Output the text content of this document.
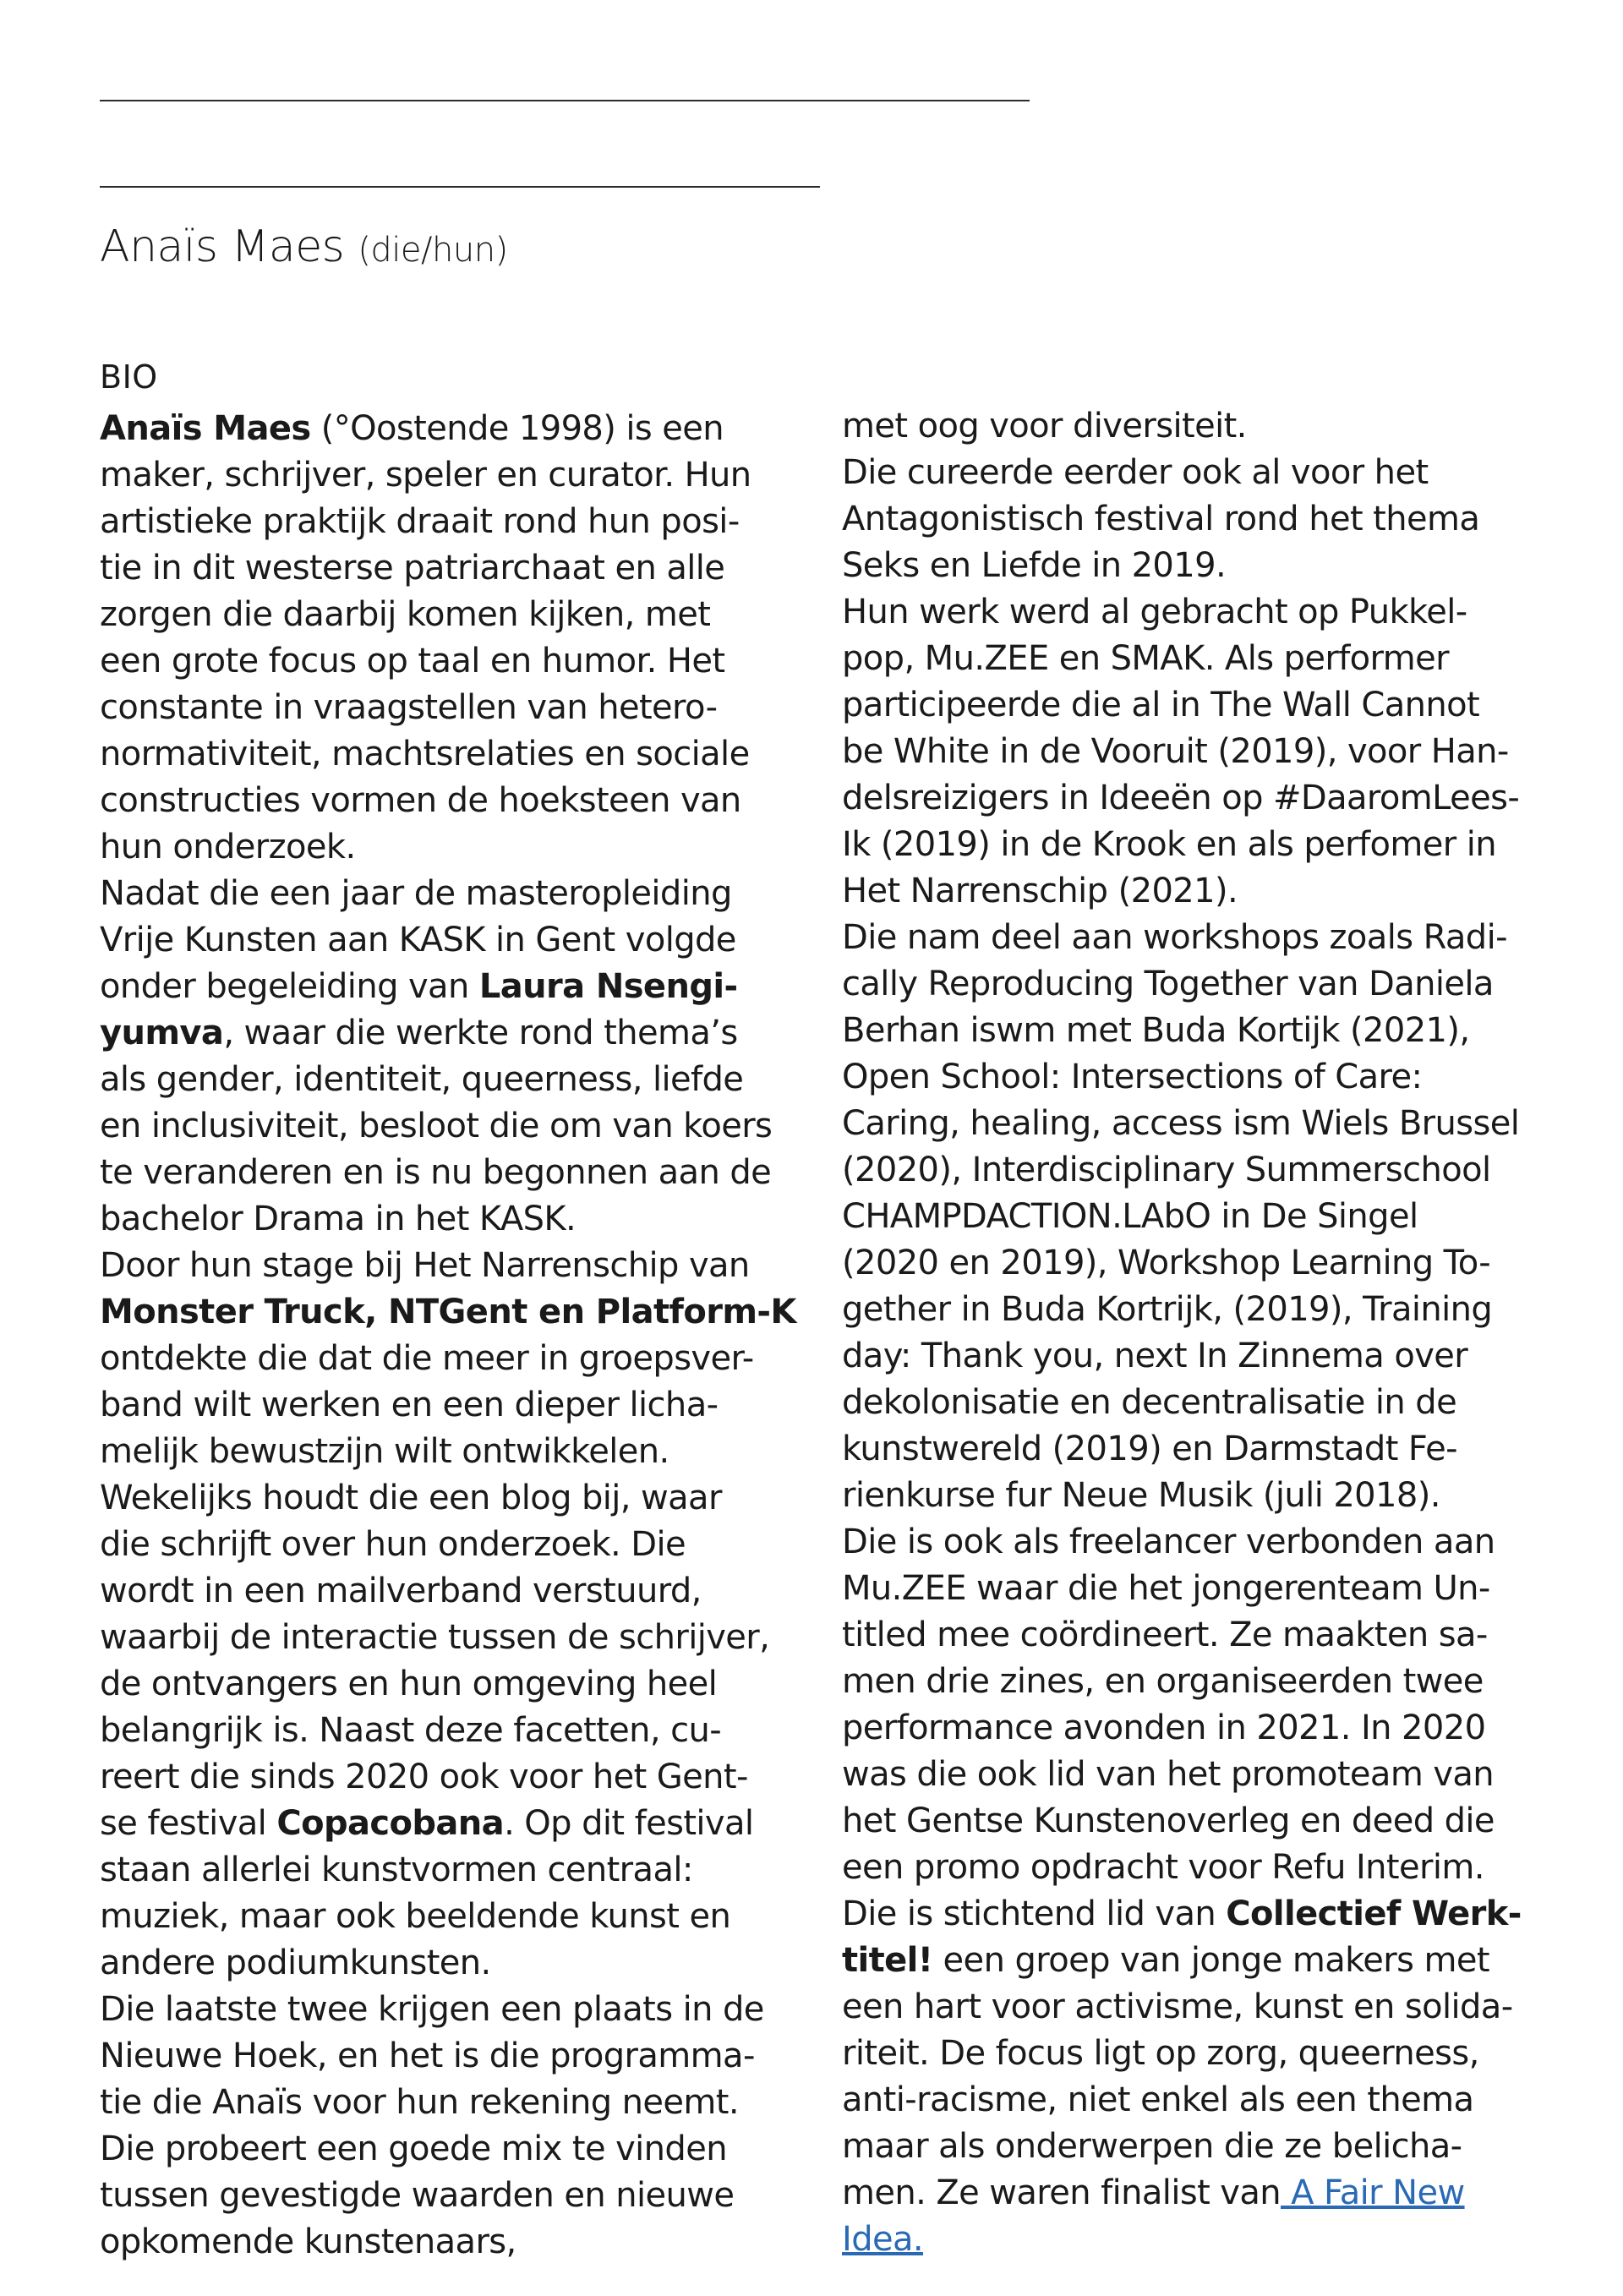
Anaïs Maes (die/hun)
BIO
Anaïs Maes (°Oostende 1998) is een
maker, schrijver, speler en curator. Hun
artistieke praktijk draait rond hun posi-
tie in dit westerse patriarchaat en alle
zorgen die daarbij komen kijken, met
een grote focus op taal en humor. Het
constante in vraagstellen van hetero-
normativiteit, machtsrelaties en sociale
constructies vormen de hoeksteen van
hun onderzoek.
Nadat die een jaar de masteropleiding
Vrije Kunsten aan KASK in Gent volgde
onder begeleiding van Laura Nsengi-
yumva, waar die werkte rond thema’s
als gender, identiteit, queerness, liefde
en inclusiviteit, besloot die om van koers
te veranderen en is nu begonnen aan de
bachelor Drama in het KASK.
Door hun stage bij Het Narrenschip van
Monster Truck, NTGent en Platform-K
ontdekte die dat die meer in groepsver-
band wilt werken en een dieper licha-
melijk bewustzijn wilt ontwikkelen.
Wekelijks houdt die een blog bij, waar
die schrijft over hun onderzoek. Die
wordt in een mailverband verstuurd,
waarbij de interactie tussen de schrijver,
de ontvangers en hun omgeving heel
belangrijk is. Naast deze facetten, cu-
reert die sinds 2020 ook voor het Gent-
se festival Copacobana. Op dit festival
staan allerlei kunstvormen centraal:
muziek, maar ook beeldende kunst en
andere podiumkunsten.
Die laatste twee krijgen een plaats in de
Nieuwe Hoek, en het is die programma-
tie die Anaïs voor hun rekening neemt.
Die probeert een goede mix te vinden
tussen gevestigde waarden en nieuwe
opkomende kunstenaars,
met oog voor diversiteit.
Die cureerde eerder ook al voor het
Antagonistisch festival rond het thema
Seks en Liefde in 2019.
Hun werk werd al gebracht op Pukkel-
pop, Mu.ZEE en SMAK. Als performer
participeerde die al in The Wall Cannot
be White in de Vooruit (2019), voor Han-
delsreizigers in Ideeën op #DaaromLees-
Ik (2019) in de Krook en als perfomer in
Het Narrenschip (2021).
Die nam deel aan workshops zoals Radi-
cally Reproducing Together van Daniela
Berhan iswm met Buda Kortijk (2021),
Open School: Intersections of Care:
Caring, healing, access ism Wiels Brussel
(2020), Interdisciplinary Summerschool
CHAMPDACTION.LAbO in De Singel
(2020 en 2019), Workshop Learning To-
gether in Buda Kortrijk, (2019), Training
day: Thank you, next In Zinnema over
dekolonisatie en decentralisatie in de
kunstwereld (2019) en Darmstadt Fe-
rienkurse fur Neue Musik (juli 2018).
Die is ook als freelancer verbonden aan
Mu.ZEE waar die het jongerenteam Un-
titled mee coördineert. Ze maakten sa-
men drie zines, en organiseerden twee
performance avonden in 2021. In 2020
was die ook lid van het promoteam van
het Gentse Kunstenoverleg en deed die
een promo opdracht voor Refu Interim.
Die is stichtend lid van Collectief Werk-
titel! een groep van jonge makers met
een hart voor activisme, kunst en solida-
riteit. De focus ligt op zorg, queerness,
anti-racisme, niet enkel als een thema
maar als onderwerpen die ze belicha-
men. Ze waren finalist van A Fair New
Idea.
